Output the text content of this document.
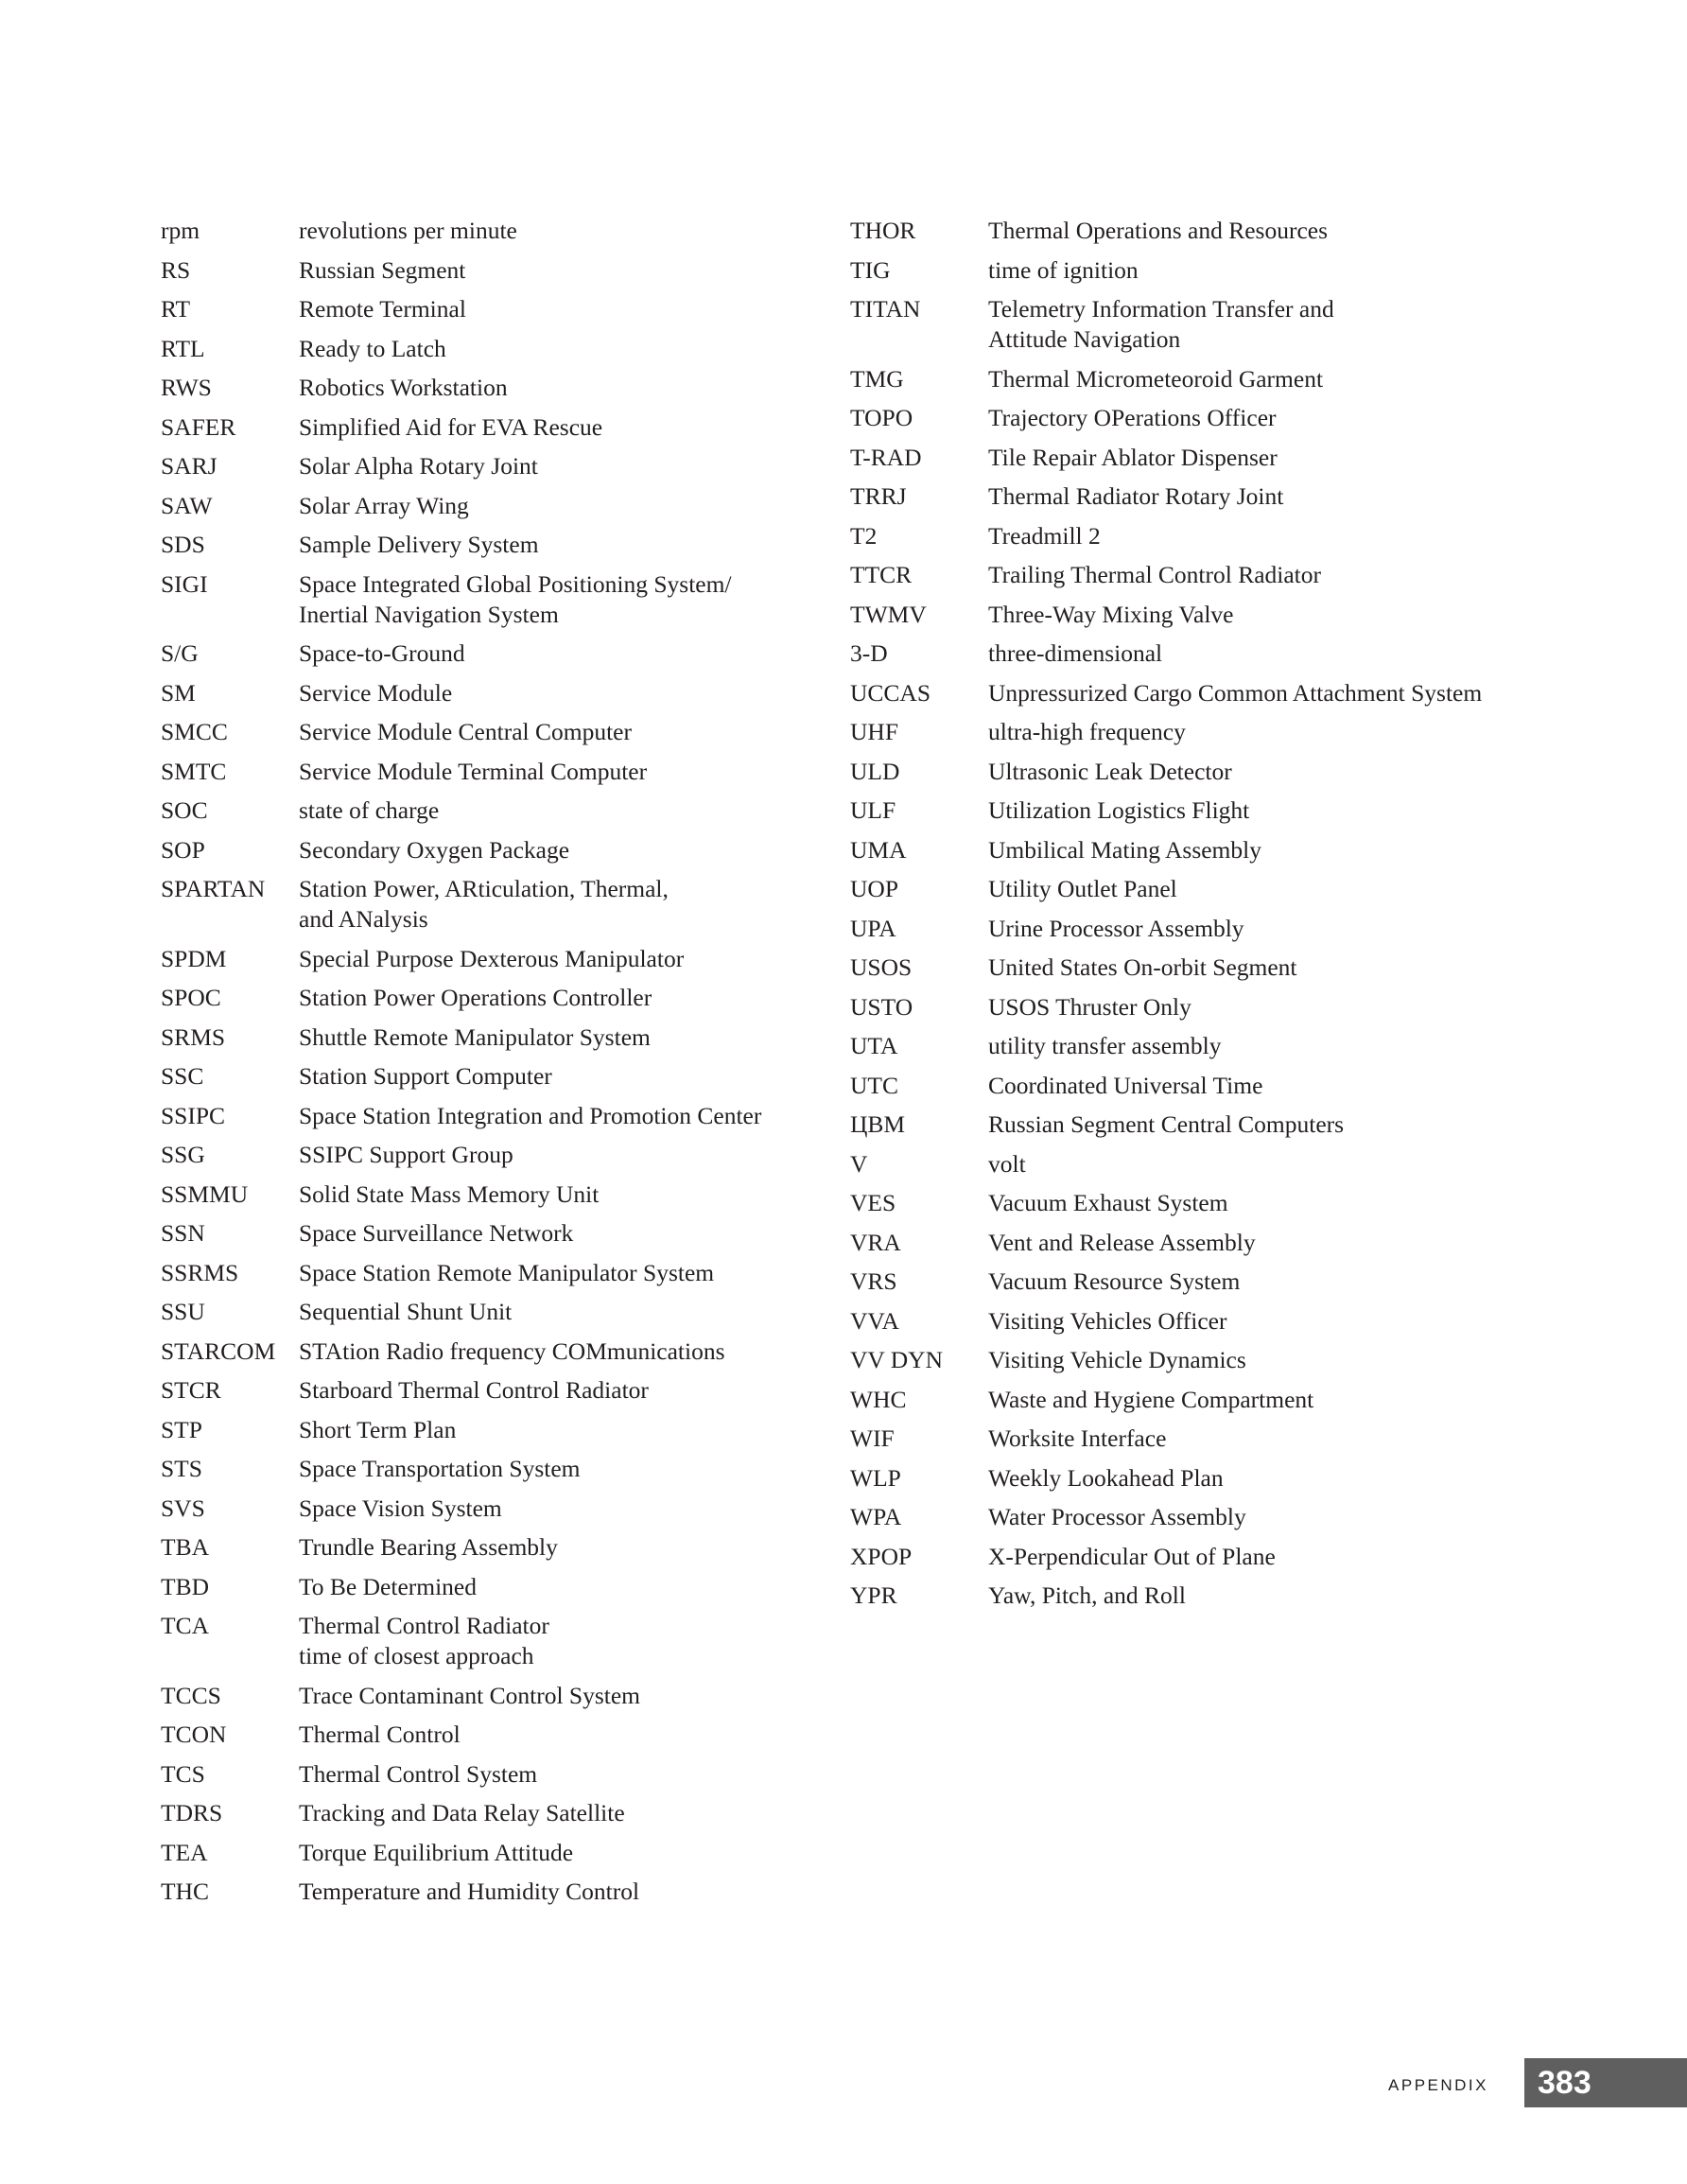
rpm	revolutions per minute
RS	Russian Segment
RT	Remote Terminal
RTL	Ready to Latch
RWS	Robotics Workstation
SAFER	Simplified Aid for EVA Rescue
SARJ	Solar Alpha Rotary Joint
SAW	Solar Array Wing
SDS	Sample Delivery System
SIGI	Space Integrated Global Positioning System/
Inertial Navigation System
S/G	Space-to-Ground
SM	Service Module
SMCC	Service Module Central Computer
SMTC	Service Module Terminal Computer
SOC	state of charge
SOP	Secondary Oxygen Package
SPARTAN	Station Power, ARticulation, Thermal,
and ANalysis
SPDM	Special Purpose Dexterous Manipulator
SPOC	Station Power Operations Controller
SRMS	Shuttle Remote Manipulator System
SSC	Station Support Computer
SSIPC	Space Station Integration and Promotion Center
SSG	SSIPC Support Group
SSMMU	Solid State Mass Memory Unit
SSN	Space Surveillance Network
SSRMS	Space Station Remote Manipulator System
SSU	Sequential Shunt Unit
STARCOM STAtion Radio frequency COMmunications
STCR	Starboard Thermal Control Radiator
STP	Short Term Plan
STS	Space Transportation System
SVS	Space Vision System
TBA	Trundle Bearing Assembly
TBD	To Be Determined
TCA	Thermal Control Radiator
time of closest approach
TCCS	Trace Contaminant Control System
TCON	Thermal Control
TCS	Thermal Control System
TDRS	Tracking and Data Relay Satellite
TEA	Torque Equilibrium Attitude
THC	Temperature and Humidity Control
THOR	Thermal Operations and Resources
TIG	time of ignition
TITAN	Telemetry Information Transfer and
Attitude Navigation
TMG	Thermal Micrometeoroid Garment
TOPO	Trajectory OPerations Officer
T-RAD	Tile Repair Ablator Dispenser
TRRJ	Thermal Radiator Rotary Joint
T2	Treadmill 2
TTCR	Trailing Thermal Control Radiator
TWMV	Three-Way Mixing Valve
3-D	three-dimensional
UCCAS	Unpressurized Cargo Common Attachment System
UHF	ultra-high frequency
ULD	Ultrasonic Leak Detector
ULF	Utilization Logistics Flight
UMA	Umbilical Mating Assembly
UOP	Utility Outlet Panel
UPA	Urine Processor Assembly
USOS	United States On-orbit Segment
USTO	USOS Thruster Only
UTA	utility transfer assembly
UTC	Coordinated Universal Time
ЦВМ	Russian Segment Central Computers
V	volt
VES	Vacuum Exhaust System
VRA	Vent and Release Assembly
VRS	Vacuum Resource System
VVA	Visiting Vehicles Officer
VV DYN	Visiting Vehicle Dynamics
WHC	Waste and Hygiene Compartment
WIF	Worksite Interface
WLP	Weekly Lookahead Plan
WPA	Water Processor Assembly
XPOP	X-Perpendicular Out of Plane
YPR	Yaw, Pitch, and Roll
APPENDIX	383
